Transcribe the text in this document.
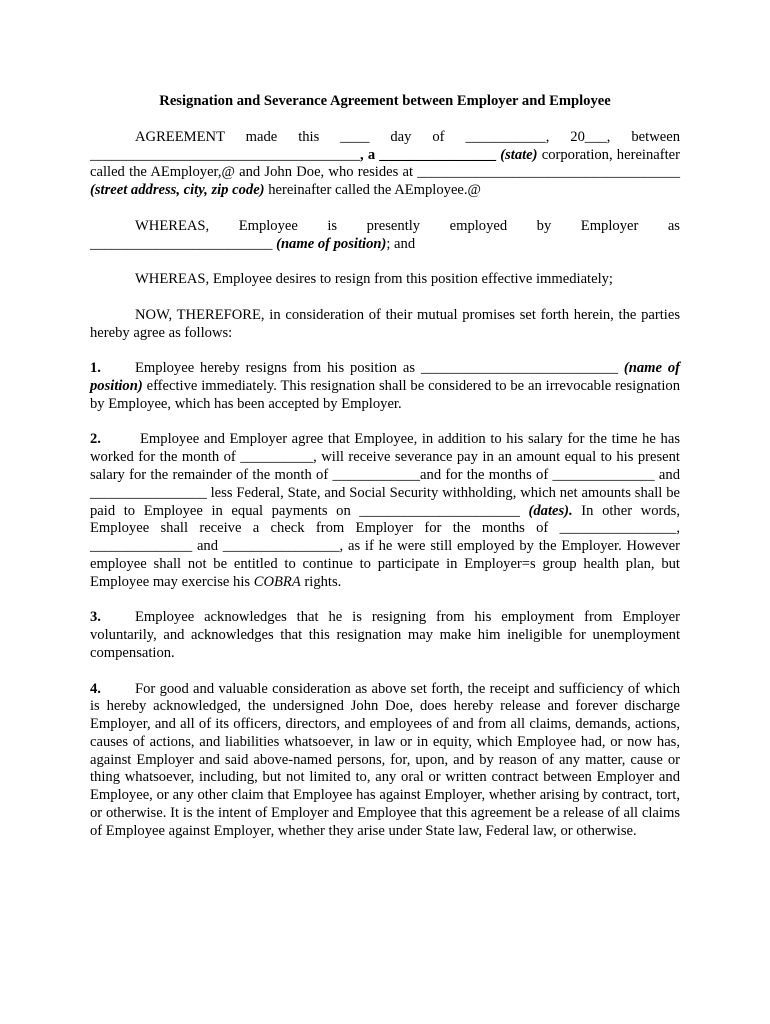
Resignation and Severance Agreement between Employer and Employee

AGREEMENT made this ____ day of ___________, 20___, between _____________________________________, a ________________ (state) corporation, hereinafter called the AEmployer,@ and John Doe, who resides at ____________________________________ (street address, city, zip code) hereinafter called the AEmployee.@

WHEREAS, Employee is presently employed by Employer as _________________________ (name of position); and

WHEREAS, Employee desires to resign from this position effective immediately;

NOW, THEREFORE, in consideration of their mutual promises set forth herein, the parties hereby agree as follows:

1. Employee hereby resigns from his position as ___________________________ (name of position) effective immediately. This resignation shall be considered to be an irrevocable resignation by Employee, which has been accepted by Employer.

2.	Employee and Employer agree that Employee, in addition to his salary for the time he has worked for the month of __________, will receive severance pay in an amount equal to his present salary for the remainder of the month of ____________and for the months of ______________ and ________________ less Federal, State, and Social Security withholding, which net amounts shall be paid to Employee in equal payments on ______________________ (dates). In other words, Employee shall receive a check from Employer for the months of ________________, ______________ and ________________, as if he were still employed by the Employer. However employee shall not be entitled to continue to participate in Employer=s group health plan, but Employee may exercise his COBRA rights.

3. Employee acknowledges that he is resigning from his employment from Employer voluntarily, and acknowledges that this resignation may make him ineligible for unemployment compensation.

4. For good and valuable consideration as above set forth, the receipt and sufficiency of which is hereby acknowledged, the undersigned John Doe, does hereby release and forever discharge Employer, and all of its officers, directors, and employees of and from all claims, demands, actions, causes of actions, and liabilities whatsoever, in law or in equity, which Employee had, or now has, against Employer and said above-named persons, for, upon, and by reason of any matter, cause or thing whatsoever, including, but not limited to, any oral or written contract between Employer and Employee, or any other claim that Employee has against Employer, whether arising by contract, tort, or otherwise. It is the intent of Employer and Employee that this agreement be a release of all claims of Employee against Employer, whether they arise under State law, Federal law, or otherwise.
